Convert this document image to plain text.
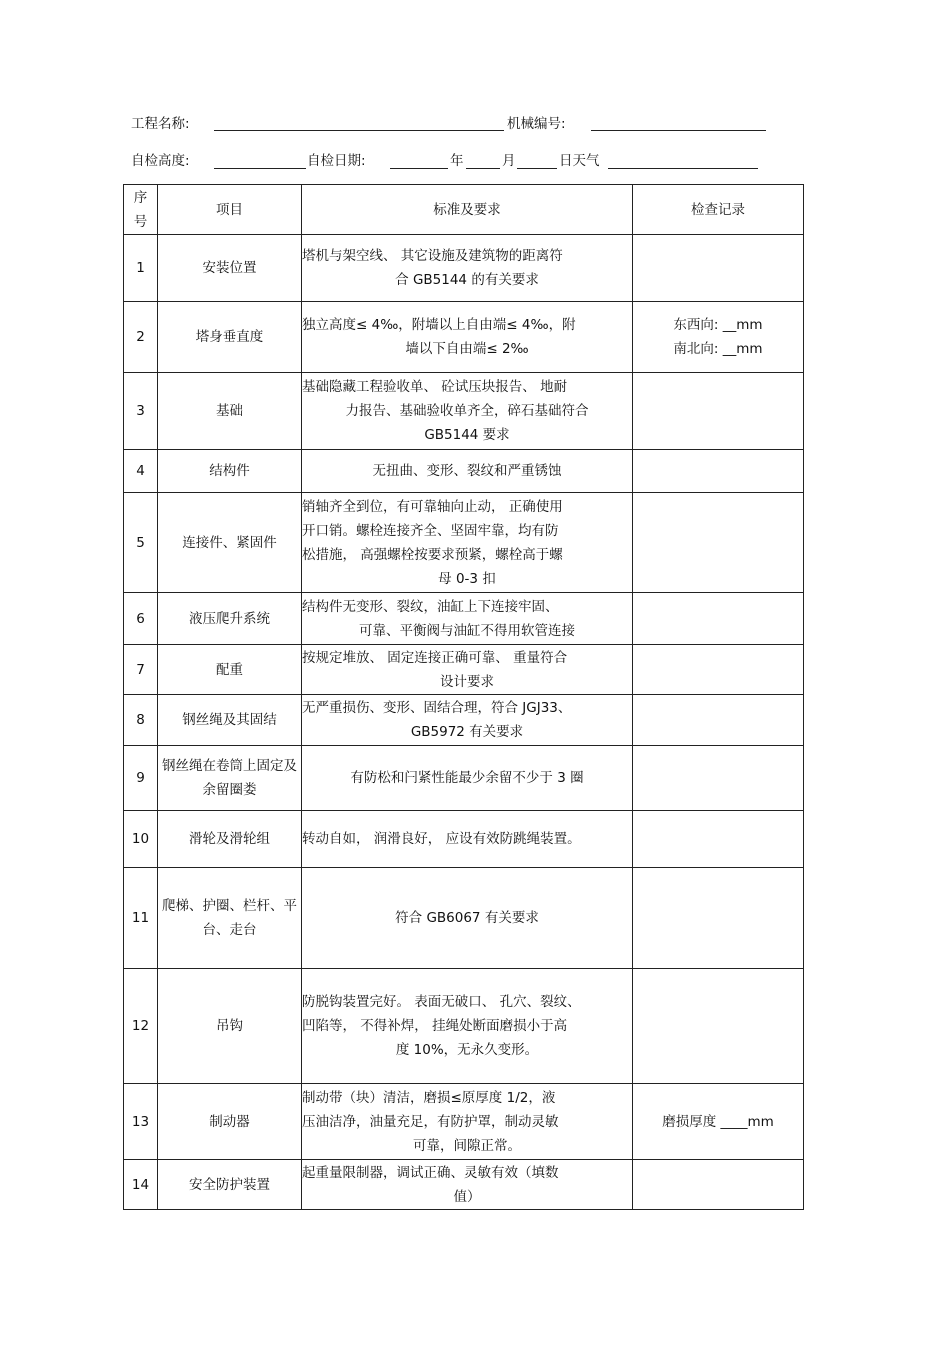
工程名称:	机械编号:
自检高度:	自检日期:	年	月	日天气
序号	项目	标准及要求	检查记录
1	安装位置	塔机与架空线、 其它设施及建筑物的距离符
合 GB5144 的有关要求	

2	塔身垂直度	独立高度≤ 4‰，附墙以上自由端≤ 4‰，附
墙以下自由端≤ 2‰	东西向: __mm
南北向: __mm

3	基础	基础隐藏工程验收单、 砼试压块报告、 地耐
力报告、基础验收单齐全，碎石基础符合
GB5144 要求	

4	结构件	无扭曲、变形、裂纹和严重锈蚀	

5	连接件、紧固件	销轴齐全到位，有可靠轴向止动， 正确使用
开口销。螺栓连接齐全、坚固牢靠，均有防
松措施， 高强螺栓按要求预紧，螺栓高于螺
母 0-3 扣	

6	液压爬升系统	结构件无变形、裂纹，油缸上下连接牢固、
可靠、平衡阀与油缸不得用软管连接	

7	配重	按规定堆放、 固定连接正确可靠、 重量符合
设计要求	

8	钢丝绳及其固结	无严重损伤、变形、固结合理，符合 JGJ33、
GB5972 有关要求	

9	钢丝绳在卷筒上固定及余留圈娄	有防松和闩紧性能最少余留不少于 3 圈	

10	滑轮及滑轮组	转动自如， 润滑良好， 应设有效防跳绳装置。	

11	爬梯、护圈、栏杆、平台、走台	符合 GB6067 有关要求	

12	吊钩	防脱钩装置完好。 表面无破口、 孔穴、裂纹、
凹陷等， 不得补焊， 挂绳处断面磨损小于高
度 10%，无永久变形。	

13	制动器	制动带（块）清洁，磨损≤原厚度 1/2，液
压油洁净，油量充足，有防护罩，制动灵敏
可靠，间隙正常。	磨损厚度 ____mm

14	安全防护装置	起重量限制器，调试正确、灵敏有效（填数
值）	
